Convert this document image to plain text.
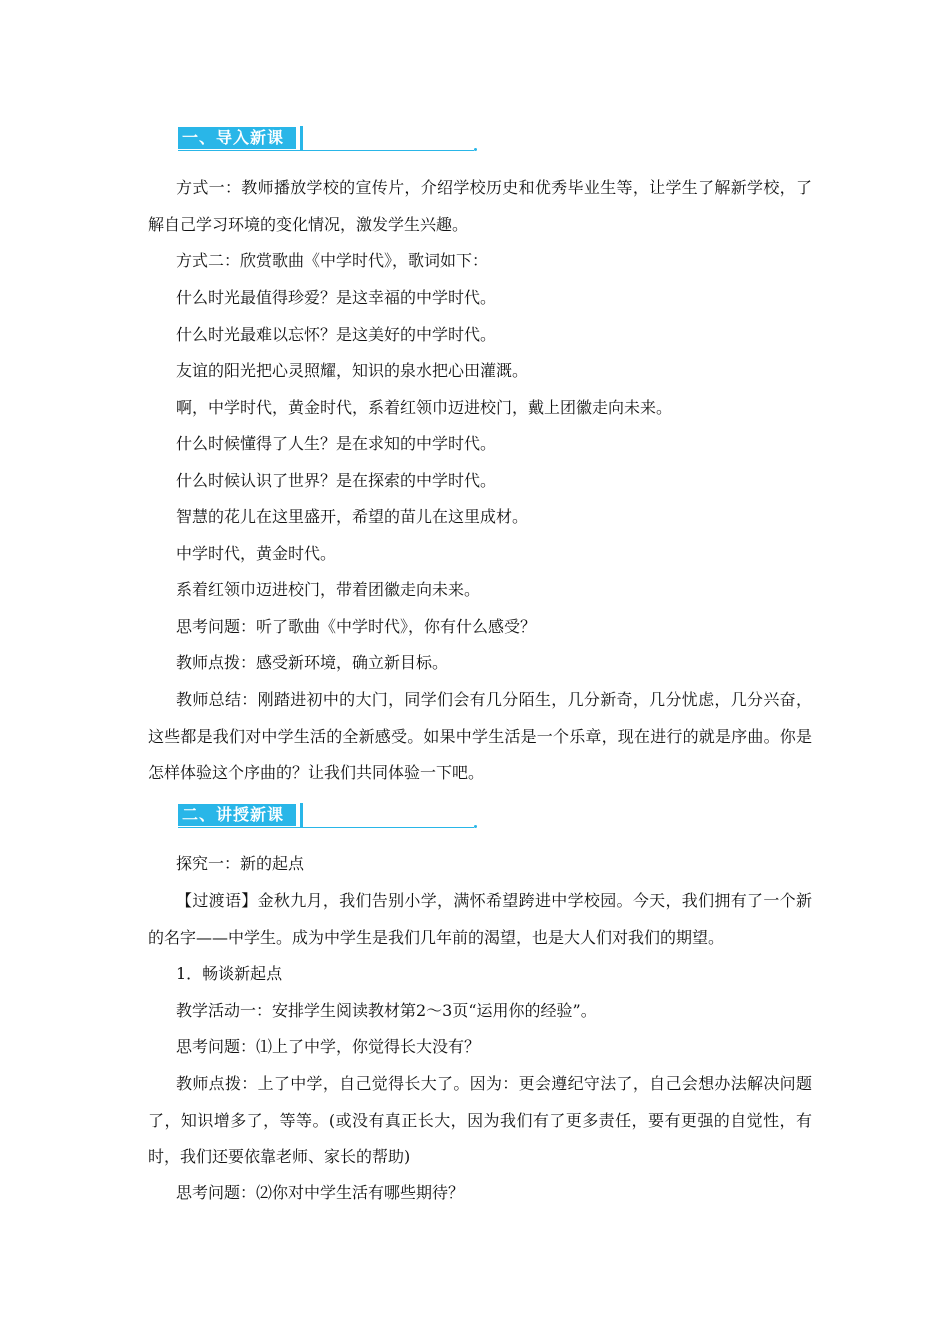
一、导入新课

方式一：教师播放学校的宣传片，介绍学校历史和优秀毕业生等，让学生了解新学校，了解自己学习环境的变化情况，激发学生兴趣。

方式二：欣赏歌曲《中学时代》，歌词如下：

什么时光最值得珍爱？是这幸福的中学时代。

什么时光最难以忘怀？是这美好的中学时代。

友谊的阳光把心灵照耀，知识的泉水把心田灌溉。

啊，中学时代，黄金时代，系着红领巾迈进校门，戴上团徽走向未来。

什么时候懂得了人生？是在求知的中学时代。

什么时候认识了世界？是在探索的中学时代。

智慧的花儿在这里盛开，希望的苗儿在这里成材。

中学时代，黄金时代。

系着红领巾迈进校门，带着团徽走向未来。

思考问题：听了歌曲《中学时代》，你有什么感受？

教师点拨：感受新环境，确立新目标。

教师总结：刚踏进初中的大门，同学们会有几分陌生，几分新奇，几分忧虑，几分兴奋，这些都是我们对中学生活的全新感受。如果中学生活是一个乐章，现在进行的就是序曲。你是怎样体验这个序曲的？让我们共同体验一下吧。

二、讲授新课

探究一：新的起点

【过渡语】金秋九月，我们告别小学，满怀希望跨进中学校园。今天，我们拥有了一个新的名字——中学生。成为中学生是我们几年前的渴望，也是大人们对我们的期望。

1．畅谈新起点

教学活动一：安排学生阅读教材第2～3页“运用你的经验”。

思考问题：⑴上了中学，你觉得长大没有？

教师点拨：上了中学，自己觉得长大了。因为：更会遵纪守法了，自己会想办法解决问题了，知识增多了，等等。(或没有真正长大，因为我们有了更多责任，要有更强的自觉性，有时，我们还要依靠老师、家长的帮助)

思考问题：⑵你对中学生活有哪些期待？
